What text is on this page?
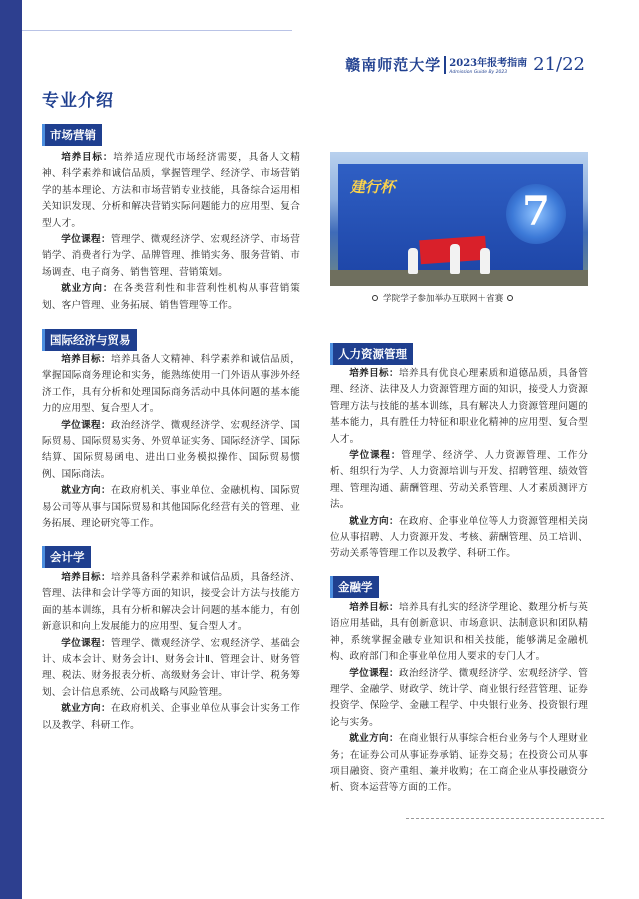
赣南师范大学 2023年报考指南
Admission Guide By 2023	21/22
专业介绍
市场营销

培养目标：培养适应现代市场经济需要，具备人文精神、科学素养和诚信品质，掌握管理学、经济学、市场营销学的基本理论、方法和市场营销专业技能，具备综合运用相关知识发现、分析和解决营销实际问题能力的应用型、复合型人才。

学位课程：管理学、微观经济学、宏观经济学、市场营销学、消费者行为学、品牌管理、推销实务、服务营销、市场调查、电子商务、销售管理、营销策划。

就业方向：在各类营利性和非营利性机构从事营销策划、客户管理、业务拓展、销售管理等工作。

国际经济与贸易

培养目标：培养具备人文精神、科学素养和诚信品质，掌握国际商务理论和实务，能熟练使用一门外语从事涉外经济工作，具有分析和处理国际商务活动中具体问题的基本能力的应用型、复合型人才。

学位课程：政治经济学、微观经济学、宏观经济学、国际贸易、国际贸易实务、外贸单证实务、国际经济学、国际结算、国际贸易函电、进出口业务模拟操作、国际贸易惯例、国际商法。

就业方向：在政府机关、事业单位、金融机构、国际贸易公司等从事与国际贸易和其他国际化经营有关的管理、业务拓展、理论研究等工作。

会计学

培养目标：培养具备科学素养和诚信品质，具备经济、管理、法律和会计学等方面的知识，接受会计方法与技能方面的基本训练，具有分析和解决会计问题的基本能力，有创新意识和向上发展能力的应用型、复合型人才。

学位课程：管理学、微观经济学、宏观经济学、基础会计、成本会计、财务会计Ⅰ、财务会计Ⅱ、管理会计、财务管理、税法、财务报表分析、高级财务会计、审计学、税务筹划、会计信息系统、公司战略与风险管理。

就业方向：在政府机关、企事业单位从事会计实务工作以及教学、科研工作。

建行杯
7
学院学子参加举办互联网＋省赛
人力资源管理

培养目标：培养具有优良心理素质和道德品质，具备管理、经济、法律及人力资源管理方面的知识，接受人力资源管理方法与技能的基本训练，具有解决人力资源管理问题的基本能力，具有胜任力特征和职业化精神的应用型、复合型人才。

学位课程：管理学、经济学、人力资源管理、工作分析、组织行为学、人力资源培训与开发、招聘管理、绩效管理、管理沟通、薪酬管理、劳动关系管理、人才素质测评方法。

就业方向：在政府、企事业单位等人力资源管理相关岗位从事招聘、人力资源开发、考核、薪酬管理、员工培训、劳动关系等管理工作以及教学、科研工作。

金融学

培养目标：培养具有扎实的经济学理论、数理分析与英语应用基础，具有创新意识、市场意识、法制意识和团队精神，系统掌握金融专业知识和相关技能，能够满足金融机构、政府部门和企事业单位用人要求的专门人才。

学位课程：政治经济学、微观经济学、宏观经济学、管理学、金融学、财政学、统计学、商业银行经营管理、证券投资学、保险学、金融工程学、中央银行业务、投资银行理论与实务。

就业方向：在商业银行从事综合柜台业务与个人理财业务；在证券公司从事证券承销、证券交易；在投资公司从事项目融资、资产重组、兼并收购；在工商企业从事投融资分析、资本运营等方面的工作。
